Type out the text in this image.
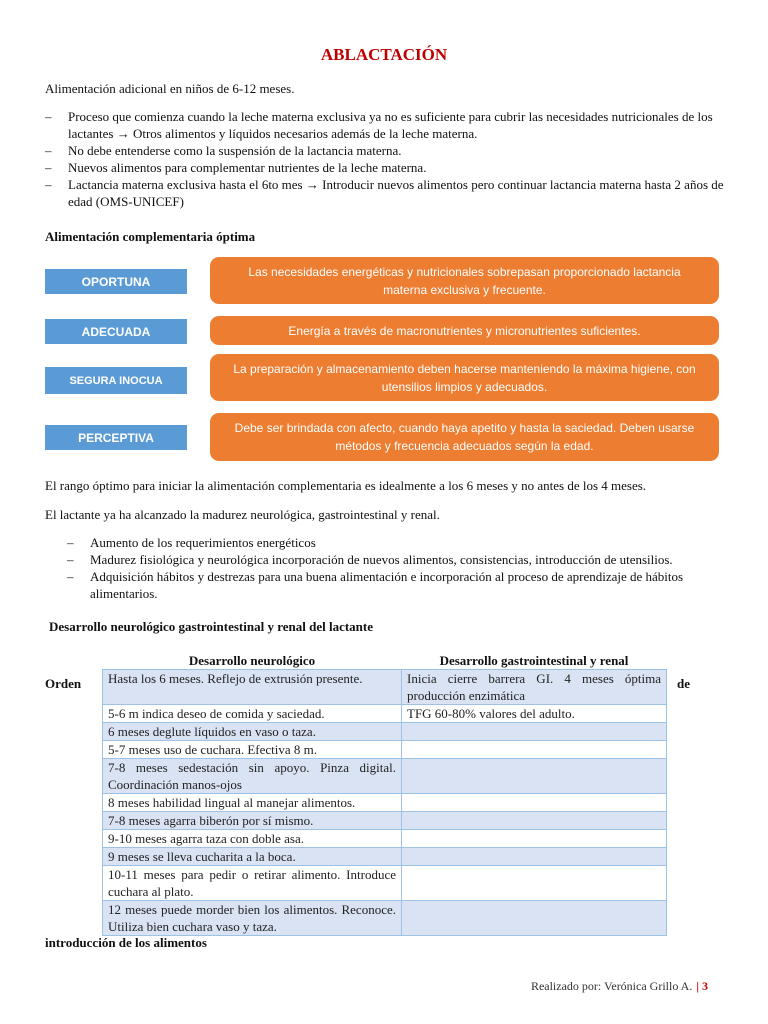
ABLACTACIÓN
Alimentación adicional en niños de 6-12 meses.
– Proceso que comienza cuando la leche materna exclusiva ya no es suficiente para cubrir las necesidades nutricionales de los lactantes → Otros alimentos y líquidos necesarios además de la leche materna.
– No debe entenderse como la suspensión de la lactancia materna.
– Nuevos alimentos para complementar nutrientes de la leche materna.
– Lactancia materna exclusiva hasta el 6to mes → Introducir nuevos alimentos pero continuar lactancia materna hasta 2 años de edad (OMS-UNICEF)
Alimentación complementaria óptima
OPORTUNA
Las necesidades energéticas y nutricionales sobrepasan proporcionado lactancia materna exclusiva y frecuente.
ADECUADA	Energía a través de macronutrientes y micronutrientes suficientes.
SEGURA INOCUA
La preparación y almacenamiento deben hacerse manteniendo la máxima higiene, con utensilios limpios y adecuados.
PERCEPTIVA
Debe ser brindada con afecto, cuando haya apetito y hasta la saciedad. Deben usarse métodos y frecuencia adecuados según la edad.
El rango óptimo para iniciar la alimentación complementaria es idealmente a los 6 meses y no antes de los 4 meses.
El lactante ya ha alcanzado la madurez neurológica, gastrointestinal y renal.
– Aumento de los requerimientos energéticos
– Madurez fisiológica y neurológica incorporación de nuevos alimentos, consistencias, introducción de utensilios.
– Adquisición hábitos y destrezas para una buena alimentación e incorporación al proceso de aprendizaje de hábitos alimentarios.
Desarrollo neurológico gastrointestinal y renal del lactante
Orden	de
Desarrollo neurológico	Desarrollo gastrointestinal y renal
Hasta los 6 meses. Reflejo de extrusión presente.	Inicia cierre barrera GI. 4 meses óptima producción enzimática
5-6 m indica deseo de comida y saciedad.	TFG 60-80% valores del adulto.
6 meses deglute líquidos en vaso o taza.	
5-7 meses uso de cuchara. Efectiva 8 m.	
7-8 meses sedestación sin apoyo. Pinza digital. Coordinación manos-ojos	
8 meses habilidad lingual al manejar alimentos.	
7-8 meses agarra biberón por sí mismo.	
9-10 meses agarra taza con doble asa.	
9 meses se lleva cucharita a la boca.	
10-11 meses para pedir o retirar alimento. Introduce cuchara al plato.	
12 meses puede morder bien los alimentos. Reconoce. Utiliza bien cuchara vaso y taza.	
introducción de los alimentos
Realizado por: Verónica Grillo A. | 3
